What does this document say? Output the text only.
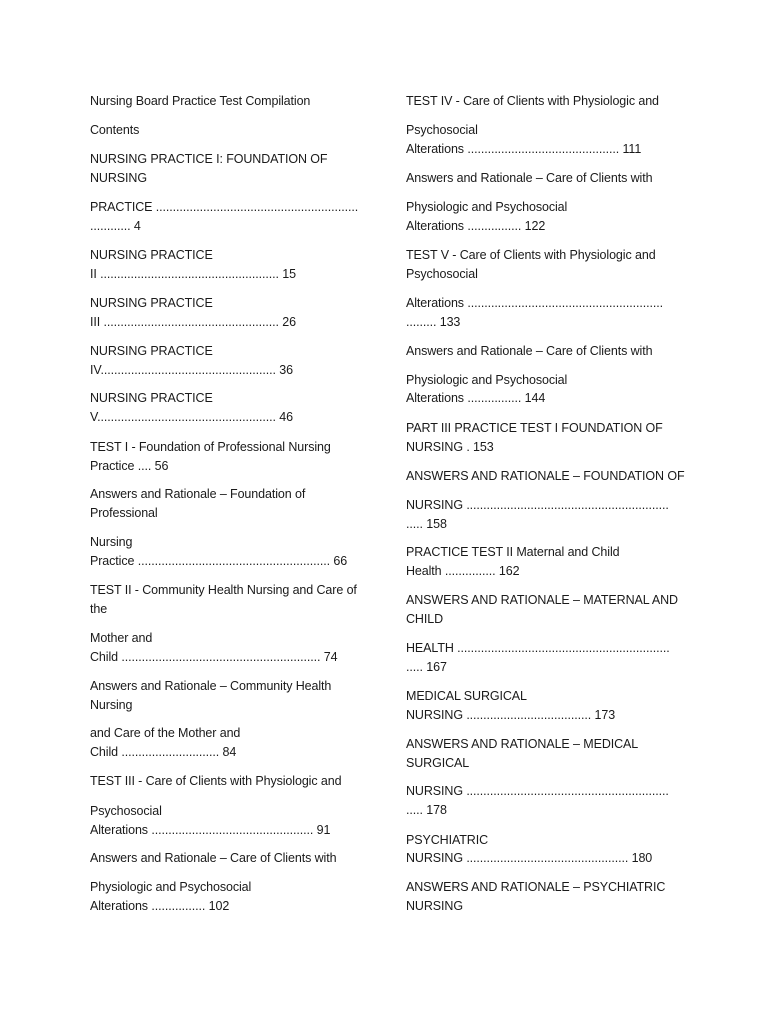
Nursing Board Practice Test Compilation
Contents
NURSING PRACTICE I: FOUNDATION OF
NURSING
PRACTICE ............................................................
............ 4
NURSING PRACTICE
II ..................................................... 15
NURSING PRACTICE
III .................................................... 26
NURSING PRACTICE
IV.................................................... 36
NURSING PRACTICE
V..................................................... 46
TEST I - Foundation of Professional Nursing
Practice .... 56
Answers and Rationale – Foundation of
Professional
Nursing
Practice ......................................................... 66
TEST II - Community Health Nursing and Care of
the
Mother and
Child ........................................................... 74
Answers and Rationale – Community Health
Nursing
and Care of the Mother and
Child ............................. 84
TEST III - Care of Clients with Physiologic and
Psychosocial
Alterations ................................................ 91
Answers and Rationale – Care of Clients with
Physiologic and Psychosocial
Alterations ................ 102
TEST IV - Care of Clients with Physiologic and
Psychosocial
Alterations ............................................. 111
Answers and Rationale – Care of Clients with
Physiologic and Psychosocial
Alterations ................ 122
TEST V - Care of Clients with Physiologic and
Psychosocial
Alterations ..........................................................
......... 133
Answers and Rationale – Care of Clients with
Physiologic and Psychosocial
Alterations ................ 144
PART III PRACTICE TEST I FOUNDATION OF
NURSING . 153
ANSWERS AND RATIONALE – FOUNDATION OF
NURSING ............................................................
..... 158
PRACTICE TEST II Maternal and Child
Health ............... 162
ANSWERS AND RATIONALE – MATERNAL AND
CHILD
HEALTH ...............................................................
..... 167
MEDICAL SURGICAL
NURSING ..................................... 173
ANSWERS AND RATIONALE – MEDICAL
SURGICAL
NURSING ............................................................
..... 178
PSYCHIATRIC
NURSING ................................................ 180
ANSWERS AND RATIONALE – PSYCHIATRIC
NURSING
